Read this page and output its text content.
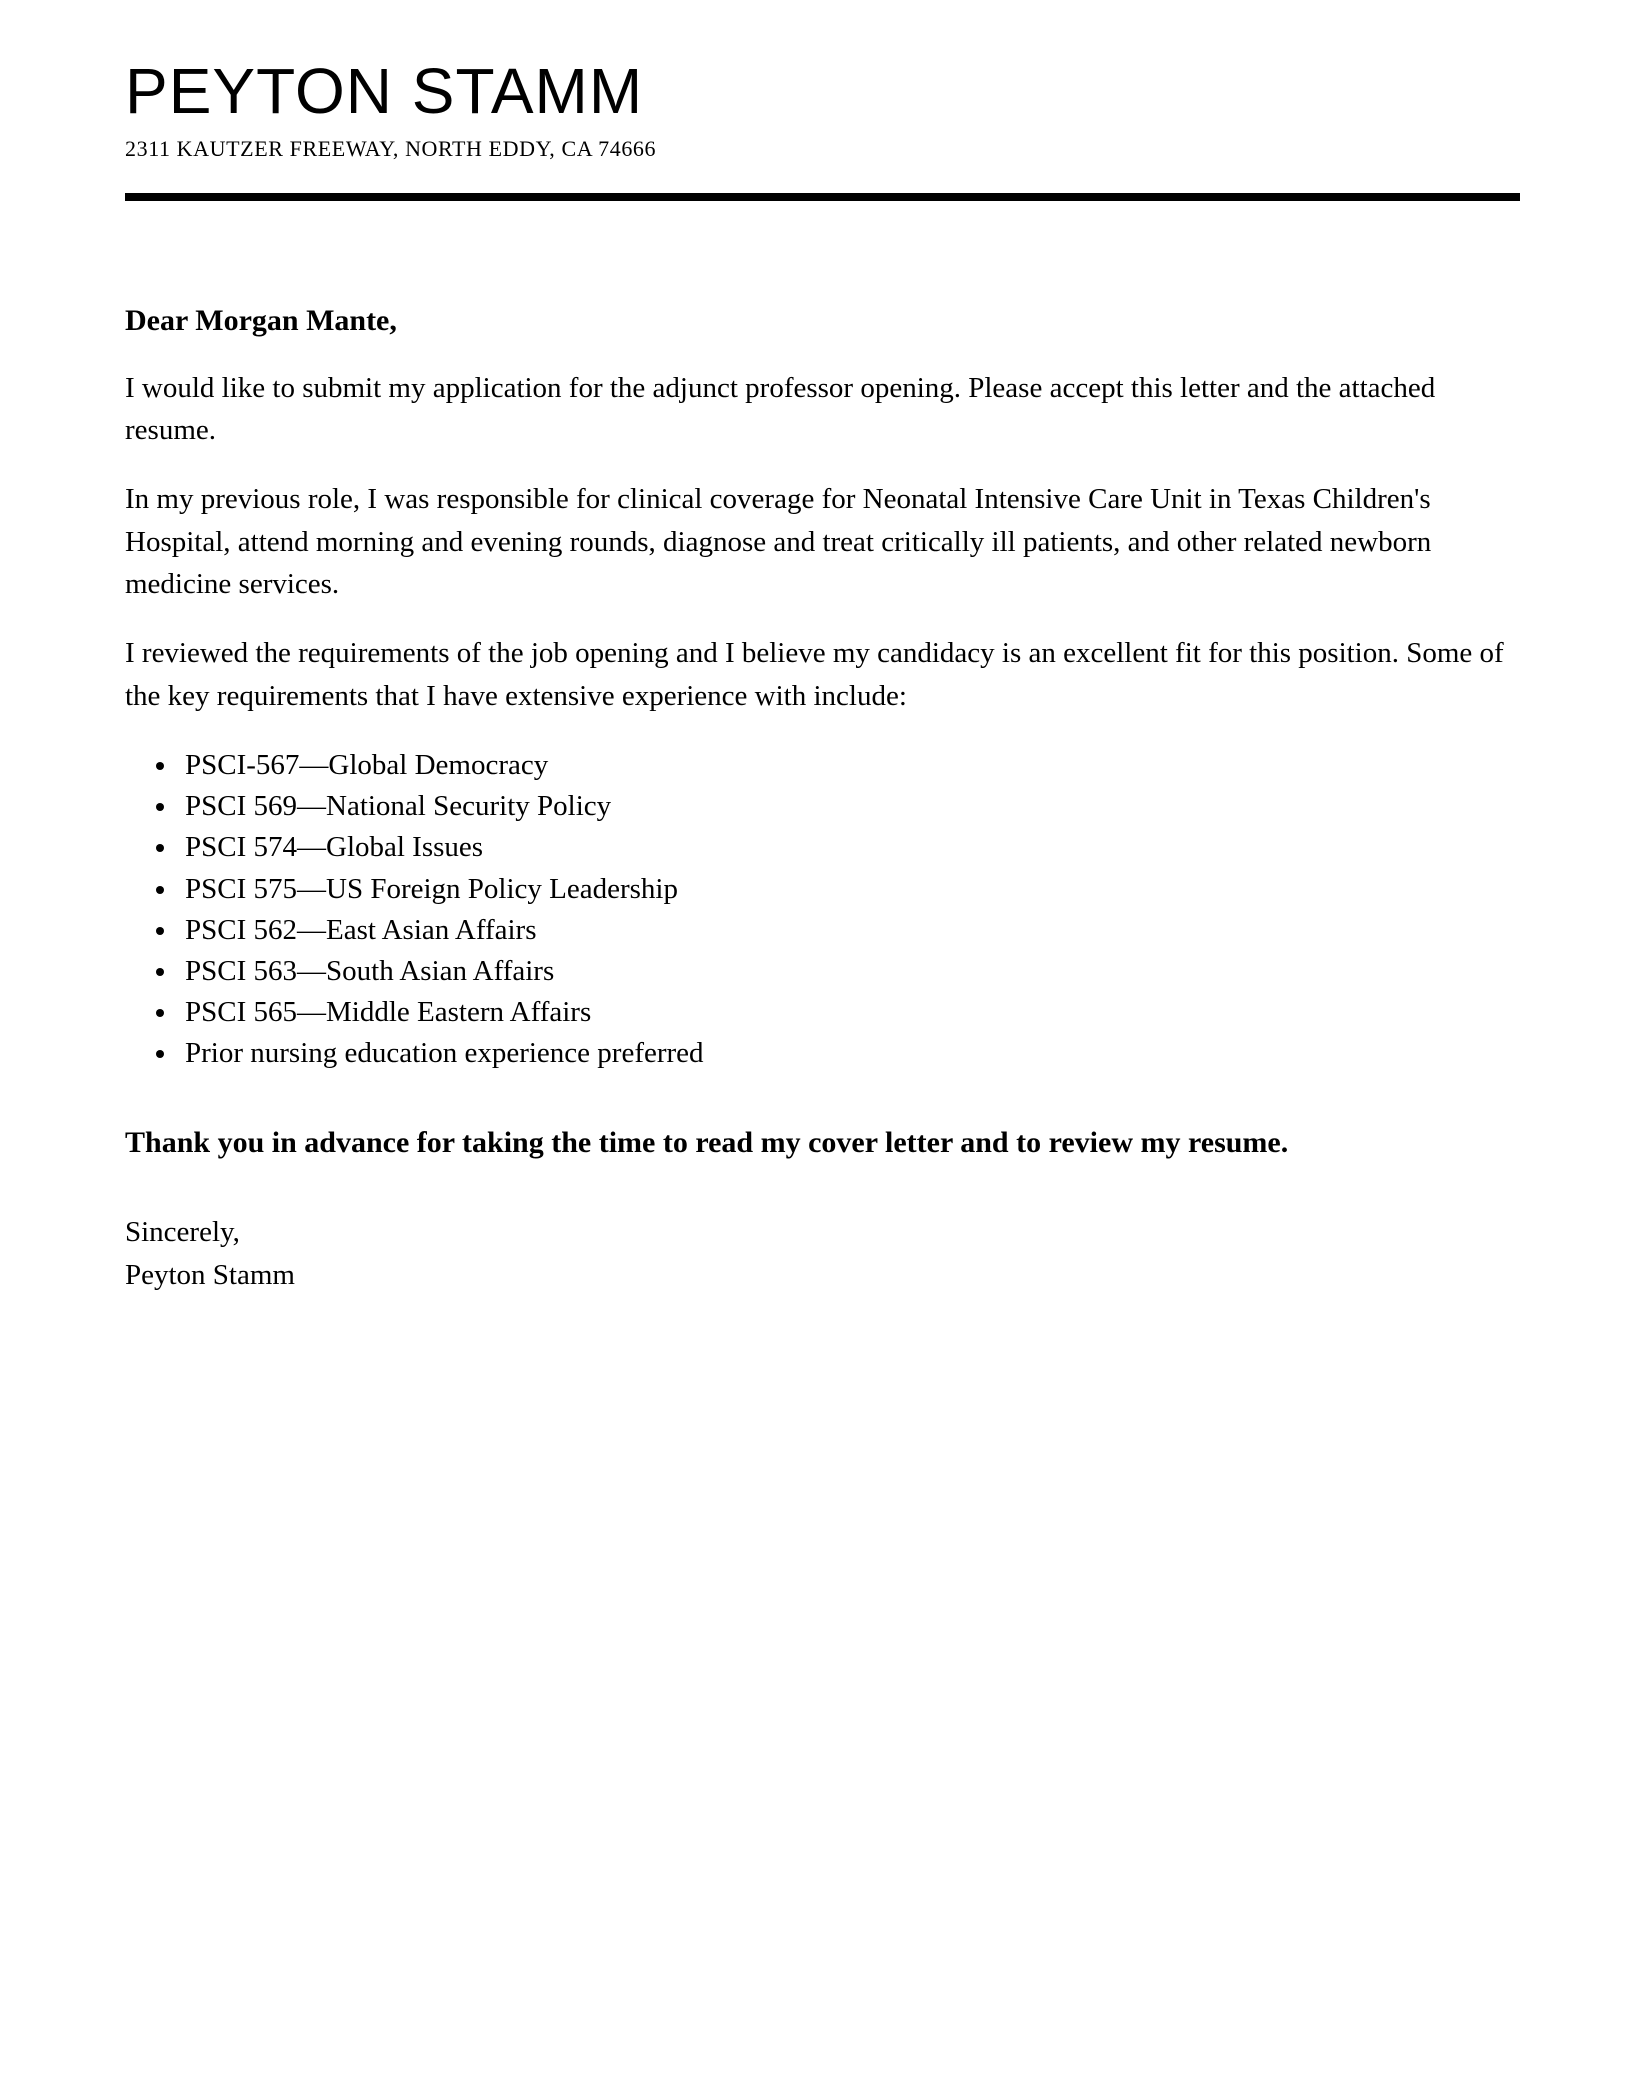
PEYTON STAMM
2311 KAUTZER FREEWAY, NORTH EDDY, CA 74666
Dear Morgan Mante,

I would like to submit my application for the adjunct professor opening. Please accept this letter and the attached resume.

In my previous role, I was responsible for clinical coverage for Neonatal Intensive Care Unit in Texas Children's Hospital, attend morning and evening rounds, diagnose and treat critically ill patients, and other related newborn medicine services.

I reviewed the requirements of the job opening and I believe my candidacy is an excellent fit for this position. Some of the key requirements that I have extensive experience with include:

• PSCI-567—Global Democracy
• PSCI 569—National Security Policy
• PSCI 574—Global Issues
• PSCI 575—US Foreign Policy Leadership
• PSCI 562—East Asian Affairs
• PSCI 563—South Asian Affairs
• PSCI 565—Middle Eastern Affairs
• Prior nursing education experience preferred

Thank you in advance for taking the time to read my cover letter and to review my resume.

Sincerely,
Peyton Stamm
